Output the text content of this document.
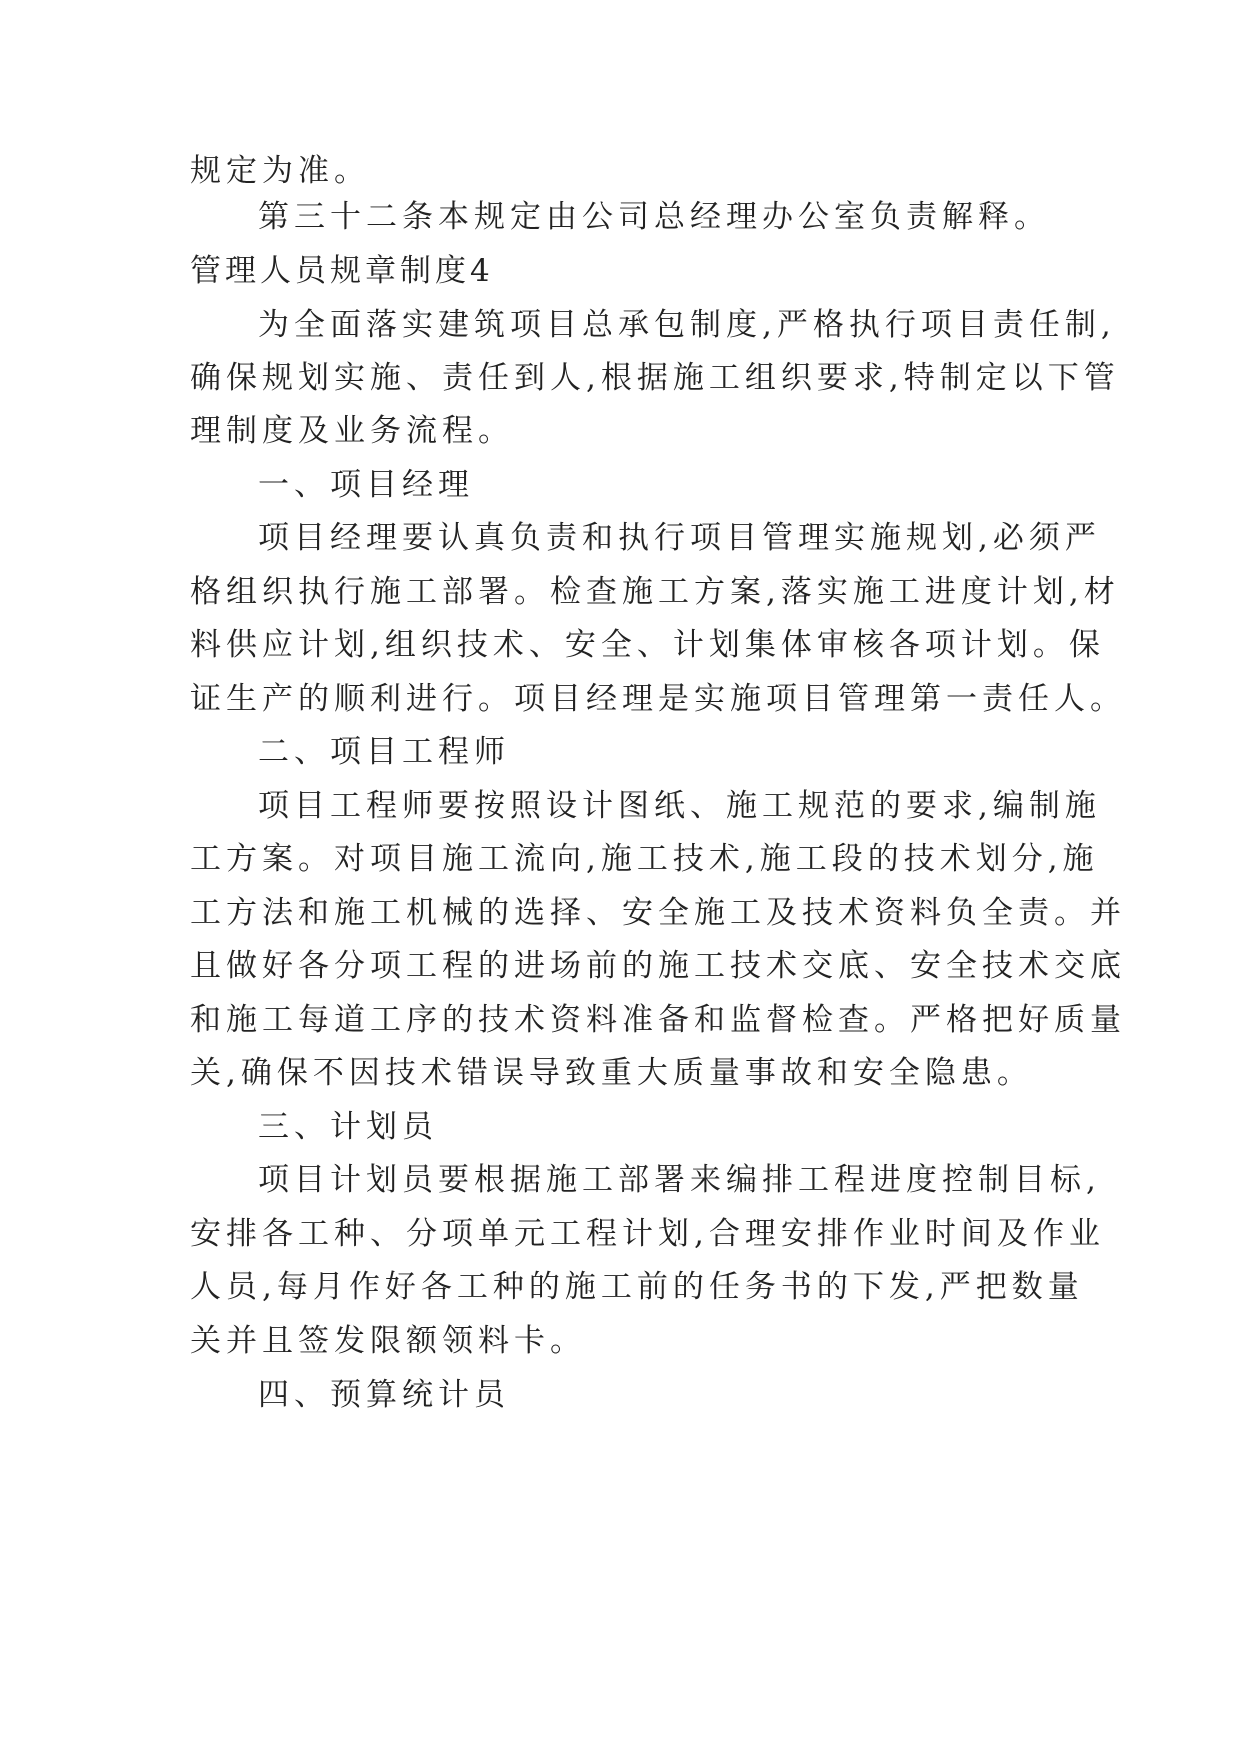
规定为准。
第三十二条本规定由公司总经理办公室负责解释。
管理人员规章制度4
为全面落实建筑项目总承包制度,严格执行项目责任制,
确保规划实施、责任到人,根据施工组织要求,特制定以下管
理制度及业务流程。
一、项目经理
项目经理要认真负责和执行项目管理实施规划,必须严
格组织执行施工部署。检查施工方案,落实施工进度计划,材
料供应计划,组织技术、安全、计划集体审核各项计划。保
证生产的顺利进行。项目经理是实施项目管理第一责任人。
二、项目工程师
项目工程师要按照设计图纸、施工规范的要求,编制施
工方案。对项目施工流向,施工技术,施工段的技术划分,施
工方法和施工机械的选择、安全施工及技术资料负全责。并
且做好各分项工程的进场前的施工技术交底、安全技术交底
和施工每道工序的技术资料准备和监督检查。严格把好质量
关,确保不因技术错误导致重大质量事故和安全隐患。
三、计划员
项目计划员要根据施工部署来编排工程进度控制目标,
安排各工种、分项单元工程计划,合理安排作业时间及作业
人员,每月作好各工种的施工前的任务书的下发,严把数量
关并且签发限额领料卡。
四、预算统计员
